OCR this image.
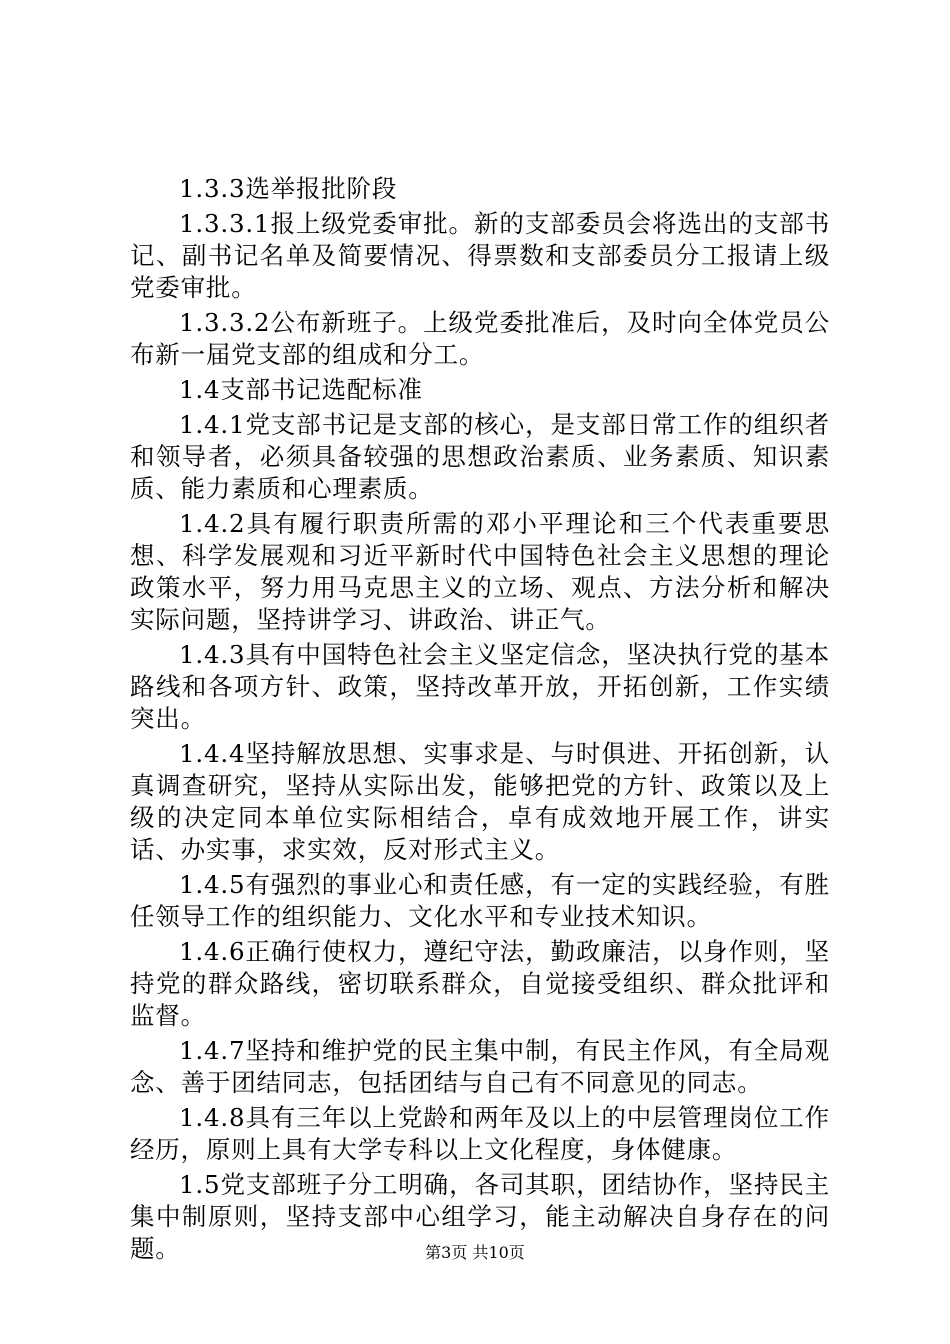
1.3.3选举报批阶段

1.3.3.1报上级党委审批。新的支部委员会将选出的支部书记、副书记名单及简要情况、得票数和支部委员分工报请上级党委审批。

1.3.3.2公布新班子。上级党委批准后，及时向全体党员公布新一届党支部的组成和分工。

1.4支部书记选配标准

1.4.1党支部书记是支部的核心，是支部日常工作的组织者和领导者，必须具备较强的思想政治素质、业务素质、知识素质、能力素质和心理素质。

1.4.2具有履行职责所需的邓小平理论和三个代表重要思想、科学发展观和习近平新时代中国特色社会主义思想的理论政策水平，努力用马克思主义的立场、观点、方法分析和解决实际问题，坚持讲学习、讲政治、讲正气。

1.4.3具有中国特色社会主义坚定信念，坚决执行党的基本路线和各项方针、政策，坚持改革开放，开拓创新，工作实绩突出。

1.4.4坚持解放思想、实事求是、与时俱进、开拓创新，认真调查研究，坚持从实际出发，能够把党的方针、政策以及上级的决定同本单位实际相结合，卓有成效地开展工作，讲实话、办实事，求实效，反对形式主义。

1.4.5有强烈的事业心和责任感，有一定的实践经验，有胜任领导工作的组织能力、文化水平和专业技术知识。

1.4.6正确行使权力，遵纪守法，勤政廉洁，以身作则，坚持党的群众路线，密切联系群众，自觉接受组织、群众批评和监督。

1.4.7坚持和维护党的民主集中制，有民主作风，有全局观念、善于团结同志，包括团结与自己有不同意见的同志。

1.4.8具有三年以上党龄和两年及以上的中层管理岗位工作经历，原则上具有大学专科以上文化程度，身体健康。

1.5党支部班子分工明确，各司其职，团结协作，坚持民主集中制原则，坚持支部中心组学习，能主动解决自身存在的问题。	第3页 共10页
